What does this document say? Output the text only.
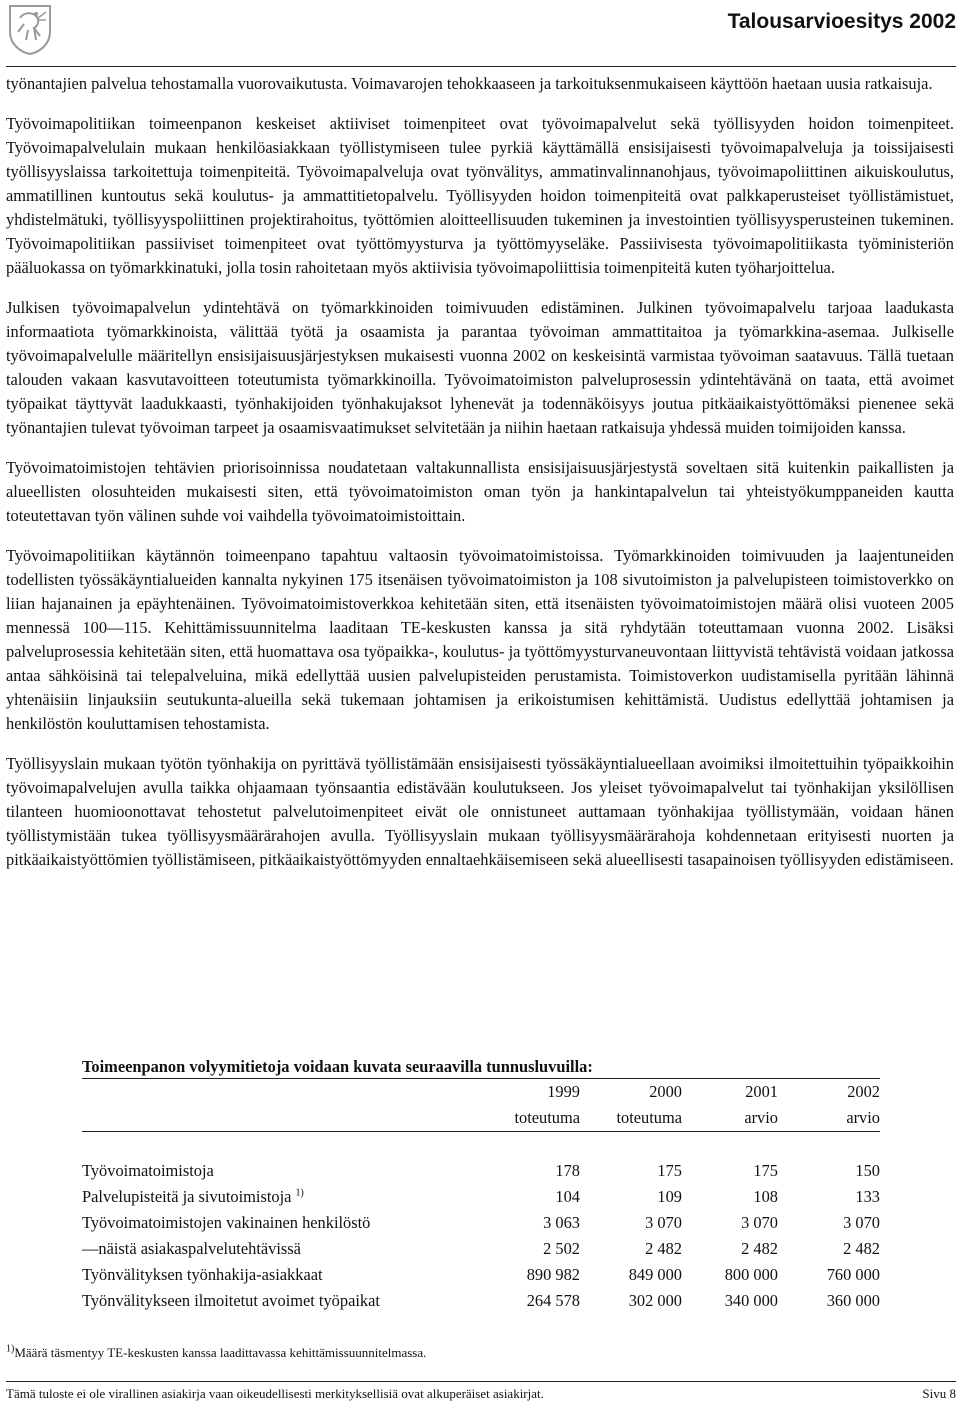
Talousarvioesitys 2002

työnantajien palvelua tehostamalla vuorovaikutusta. Voimavarojen tehokkaaseen ja tarkoituksenmukaiseen käyttöön haetaan uusia ratkaisuja.

Työvoimapolitiikan toimeenpanon keskeiset aktiiviset toimenpiteet ovat työvoimapalvelut sekä työllisyyden hoidon toimenpiteet. Työvoimapalvelulain mukaan henkilöasiakkaan työllistymiseen tulee pyrkiä käyttämällä ensisijaisesti työvoimapalveluja ja toissijaisesti työllisyyslaissa tarkoitettuja toimenpiteitä. Työvoimapalveluja ovat työnvälitys, ammatinvalinnanohjaus, työvoimapoliittinen aikuiskoulutus, ammatillinen kuntoutus sekä koulutus- ja ammattitietopalvelu. Työllisyyden hoidon toimenpiteitä ovat palkkaperusteiset työllistämistuet, yhdistelmätuki, työllisyyspoliittinen projektirahoitus, työttömien aloitteellisuuden tukeminen ja investointien työllisyysperusteinen tukeminen. Työvoimapolitiikan passiiviset toimenpiteet ovat työttömyysturva ja työttömyyseläke. Passiivisesta työvoimapolitiikasta työministeriön pääluokassa on työmarkkinatuki, jolla tosin rahoitetaan myös aktiivisia työvoimapoliittisia toimenpiteitä kuten työharjoittelua.

Julkisen työvoimapalvelun ydintehtävä on työmarkkinoiden toimivuuden edistäminen. Julkinen työvoimapalvelu tarjoaa laadukasta informaatiota työmarkkinoista, välittää työtä ja osaamista ja parantaa työvoiman ammattitaitoa ja työmarkkina-asemaa. Julkiselle työvoimapalvelulle määritellyn ensisijaisuusjärjestyksen mukaisesti vuonna 2002 on keskeisintä varmistaa työvoiman saatavuus. Tällä tuetaan talouden vakaan kasvutavoitteen toteutumista työmarkkinoilla. Työvoimatoimiston palveluprosessin ydintehtävänä on taata, että avoimet työpaikat täyttyvät laadukkaasti, työnhakijoiden työnhakujaksot lyhenevät ja todennäköisyys joutua pitkäaikaistyöttömäksi pienenee sekä työnantajien tulevat työvoiman tarpeet ja osaamisvaatimukset selvitetään ja niihin haetaan ratkaisuja yhdessä muiden toimijoiden kanssa.

Työvoimatoimistojen tehtävien priorisoinnissa noudatetaan valtakunnallista ensisijaisuusjärjestystä soveltaen sitä kuitenkin paikallisten ja alueellisten olosuhteiden mukaisesti siten, että työvoimatoimiston oman työn ja hankintapalvelun tai yhteistyökumppaneiden kautta toteutettavan työn välinen suhde voi vaihdella työvoimatoimistoittain.

Työvoimapolitiikan käytännön toimeenpano tapahtuu valtaosin työvoimatoimistoissa. Työmarkkinoiden toimivuuden ja laajentuneiden todellisten työssäkäyntialueiden kannalta nykyinen 175 itsenäisen työvoimatoimiston ja 108 sivutoimiston ja palvelupisteen toimistoverkko on liian hajanainen ja epäyhtenäinen. Työvoimatoimistoverkkoa kehitetään siten, että itsenäisten työvoimatoimistojen määrä olisi vuoteen 2005 mennessä 100—115. Kehittämissuunnitelma laaditaan TE-keskusten kanssa ja sitä ryhdytään toteuttamaan vuonna 2002. Lisäksi palveluprosessia kehitetään siten, että huomattava osa työpaikka-, koulutus- ja työttömyysturvaneuvontaan liittyvistä tehtävistä voidaan jatkossa antaa sähköisinä tai telepalveluina, mikä edellyttää uusien palvelupisteiden perustamista. Toimistoverkon uudistamisella pyritään lähinnä yhtenäisiin linjauksiin seutukunta-alueilla sekä tukemaan johtamisen ja erikoistumisen kehittämistä. Uudistus edellyttää johtamisen ja henkilöstön kouluttamisen tehostamista.

Työllisyyslain mukaan työtön työnhakija on pyrittävä työllistämään ensisijaisesti työssäkäyntialueellaan avoimiksi ilmoitettuihin työpaikkoihin työvoimapalvelujen avulla taikka ohjaamaan työnsaantia edistävään koulutukseen. Jos yleiset työvoimapalvelut tai työnhakijan yksilöllisen tilanteen huomioonottavat tehostetut palvelutoimenpiteet eivät ole onnistuneet auttamaan työnhakijaa työllistymään, voidaan hänen työllistymistään tukea työllisyysmäärärahojen avulla. Työllisyyslain mukaan työllisyysmäärärahoja kohdennetaan erityisesti nuorten ja pitkäaikaistyöttömien työllistämiseen, pitkäaikaistyöttömyyden ennaltaehkäisemiseen sekä alueellisesti tasapainoisen työllisyyden edistämiseen.

Toimeenpanon volyymitietoja voidaan kuvata seuraavilla tunnusluvuilla:
	1999	2000	2001	2002
	toteutuma	toteutuma	arvio	arvio

Työvoimatoimistoja	178	175	175	150
Palvelupisteitä ja sivutoimistoja $^{1)}$	104	109	108	133
Työvoimatoimistojen vakinainen henkilöstö	3 063	3 070	3 070	3 070
—näistä asiakaspalvelutehtävissä	2 502	2 482	2 482	2 482
Työnvälityksen työnhakija-asiakkaat	890 982	849 000	800 000	760 000
Työnvälitykseen ilmoitetut avoimet työpaikat	264 578	302 000	340 000	360 000
$^{1)}$Määrä täsmentyy TE-keskusten kanssa laadittavassa kehittämissuunnitelmassa.
Tämä tuloste ei ole virallinen asiakirja vaan oikeudellisesti merkityksellisiä ovat alkuperäiset asiakirjat.	Sivu 8
